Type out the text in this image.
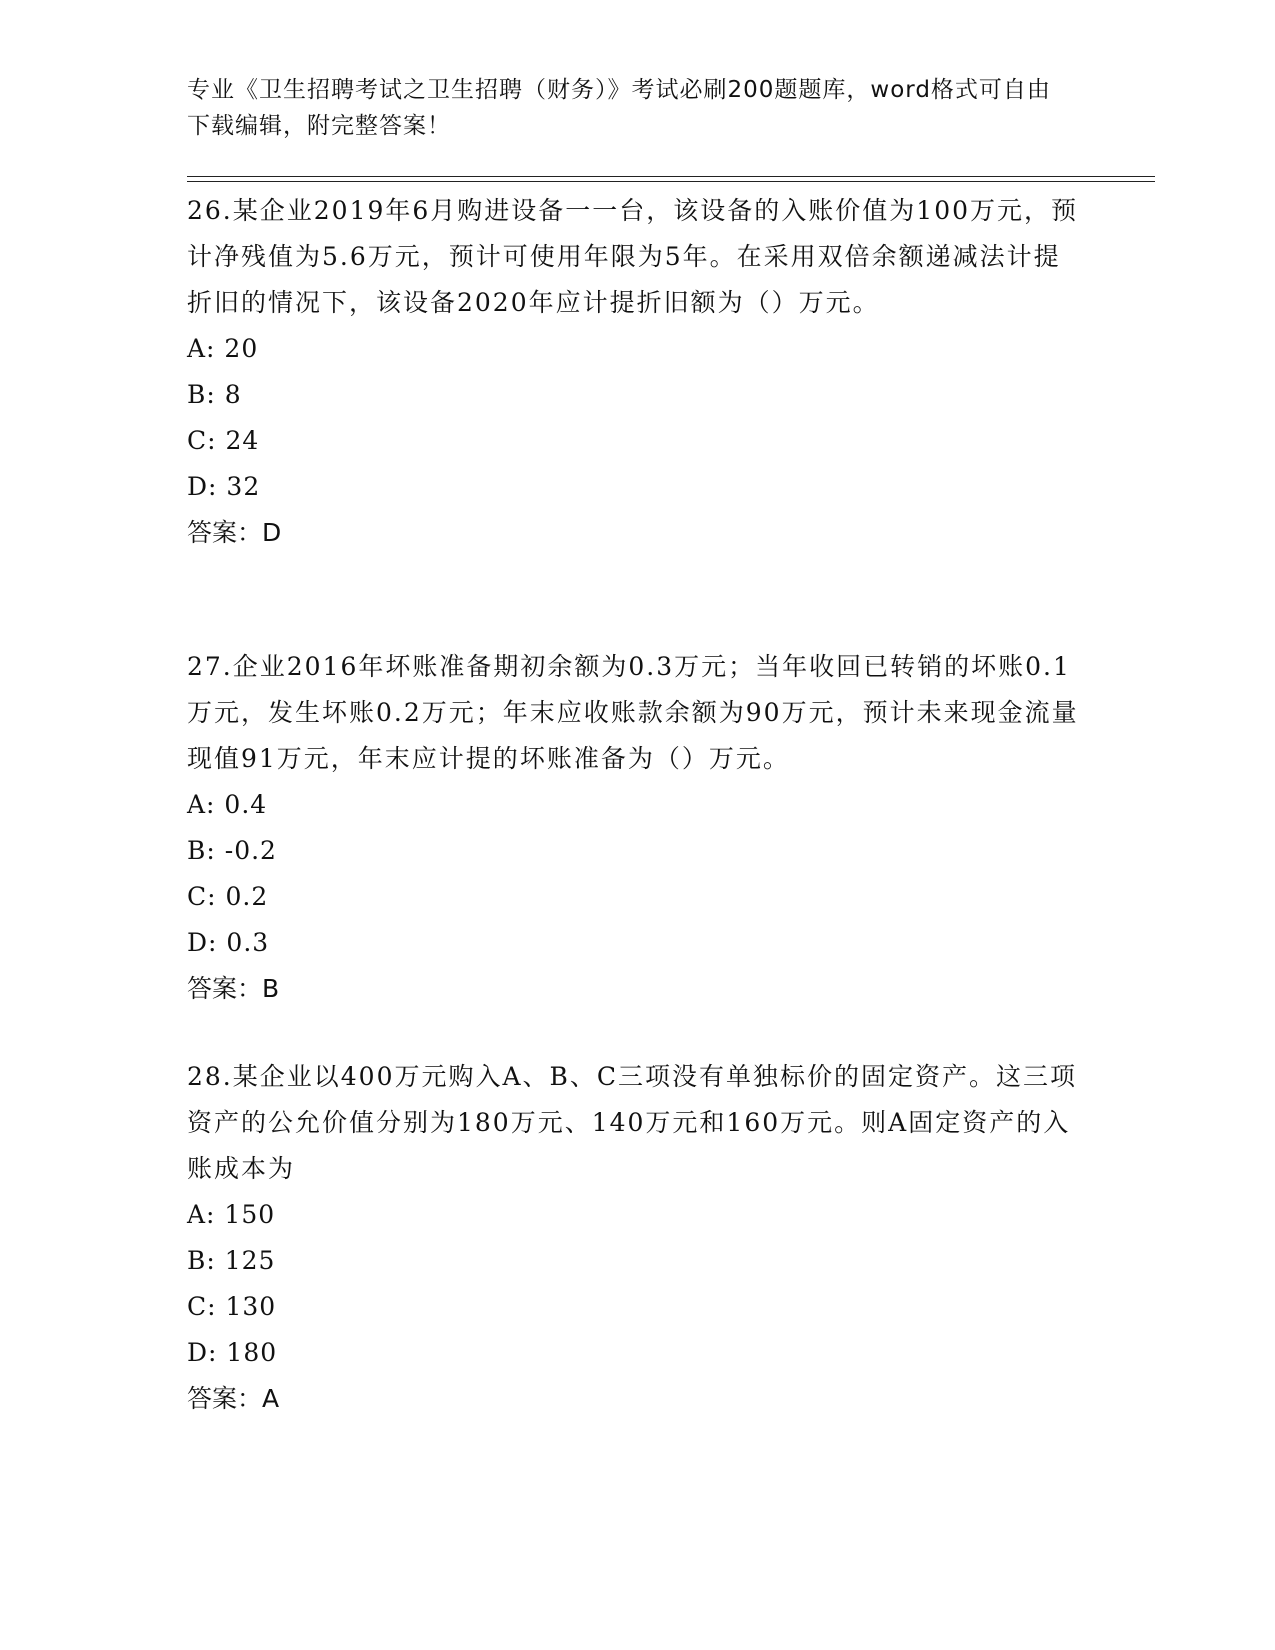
专业《卫生招聘考试之卫生招聘（财务）》考试必刷200题题库，word格式可自由下载编辑，附完整答案！

26.某企业2019年6月购进设备一一台，该设备的入账价值为100万元，预计净残值为5.6万元，预计可使用年限为5年。在采用双倍余额递减法计提折旧的情况下，该设备2020年应计提折旧额为（）万元。

A: 20

B: 8

C: 24

D: 32

答案：D

27.企业2016年坏账准备期初余额为0.3万元；当年收回已转销的坏账0.1万元，发生坏账0.2万元；年末应收账款余额为90万元，预计未来现金流量现值91万元，年末应计提的坏账准备为（）万元。

A: 0.4

B: -0.2

C: 0.2

D: 0.3

答案：B

28.某企业以400万元购入A、B、C三项没有单独标价的固定资产。这三项资产的公允价值分别为180万元、140万元和160万元。则A固定资产的入账成本为

A: 150

B: 125

C: 130

D: 180

答案：A
